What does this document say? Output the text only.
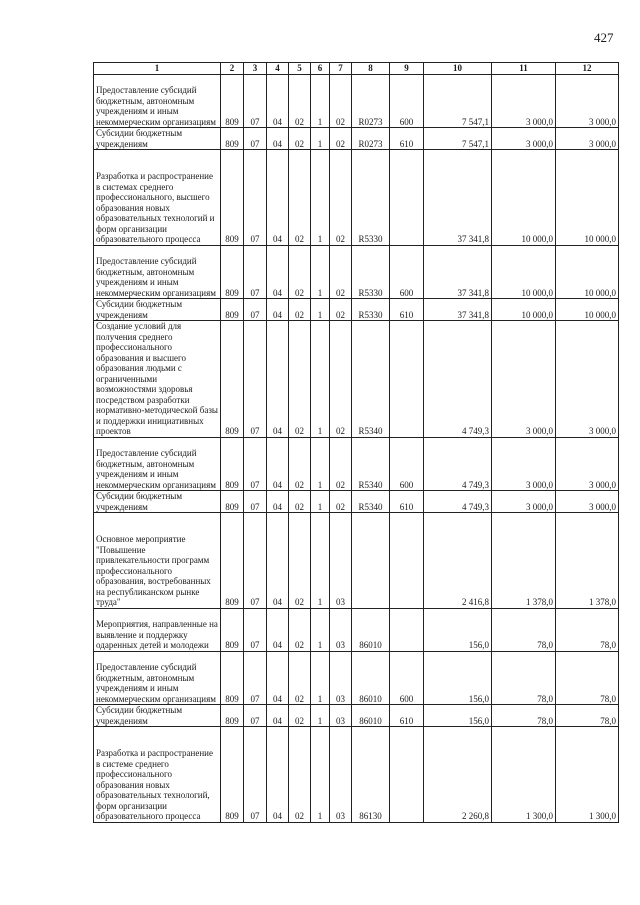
427
1	2	3	4	5	6	7	8	9	10	11	12
Предоставление субсидий бюджетным, автономным учреждениям и иным некоммерческим организациям	809	07	04	02	1	02	R0273	600	7 547,1	3 000,0	3 000,0
Субсидии бюджетным учреждениям	809	07	04	02	1	02	R0273	610	7 547,1	3 000,0	3 000,0
Разработка и распространение в системах среднего профессионального, высшего образования новых образовательных технологий и форм организации образовательного процесса	809	07	04	02	1	02	R5330		37 341,8	10 000,0	10 000,0
Предоставление субсидий бюджетным, автономным учреждениям и иным некоммерческим организациям	809	07	04	02	1	02	R5330	600	37 341,8	10 000,0	10 000,0
Субсидии бюджетным учреждениям	809	07	04	02	1	02	R5330	610	37 341,8	10 000,0	10 000,0
Создание условий для получения среднего профессионального образования и высшего образования людьми с ограниченными возможностями здоровья посредством разработки нормативно-методической базы и поддержки инициативных проектов	809	07	04	02	1	02	R5340		4 749,3	3 000,0	3 000,0
Предоставление субсидий бюджетным, автономным учреждениям и иным некоммерческим организациям	809	07	04	02	1	02	R5340	600	4 749,3	3 000,0	3 000,0
Субсидии бюджетным учреждениям	809	07	04	02	1	02	R5340	610	4 749,3	3 000,0	3 000,0
Основное мероприятие "Повышение привлекательности программ профессионального образования, востребованных на республиканском рынке труда"	809	07	04	02	1	03			2 416,8	1 378,0	1 378,0
Мероприятия, направленные на выявление и поддержку одаренных детей и молодежи	809	07	04	02	1	03	86010		156,0	78,0	78,0
Предоставление субсидий бюджетным, автономным учреждениям и иным некоммерческим организациям	809	07	04	02	1	03	86010	600	156,0	78,0	78,0
Субсидии бюджетным учреждениям	809	07	04	02	1	03	86010	610	156,0	78,0	78,0
Разработка и распространение в системе среднего профессионального образования новых образовательных технологий, форм организации образовательного процесса	809	07	04	02	1	03	86130		2 260,8	1 300,0	1 300,0
